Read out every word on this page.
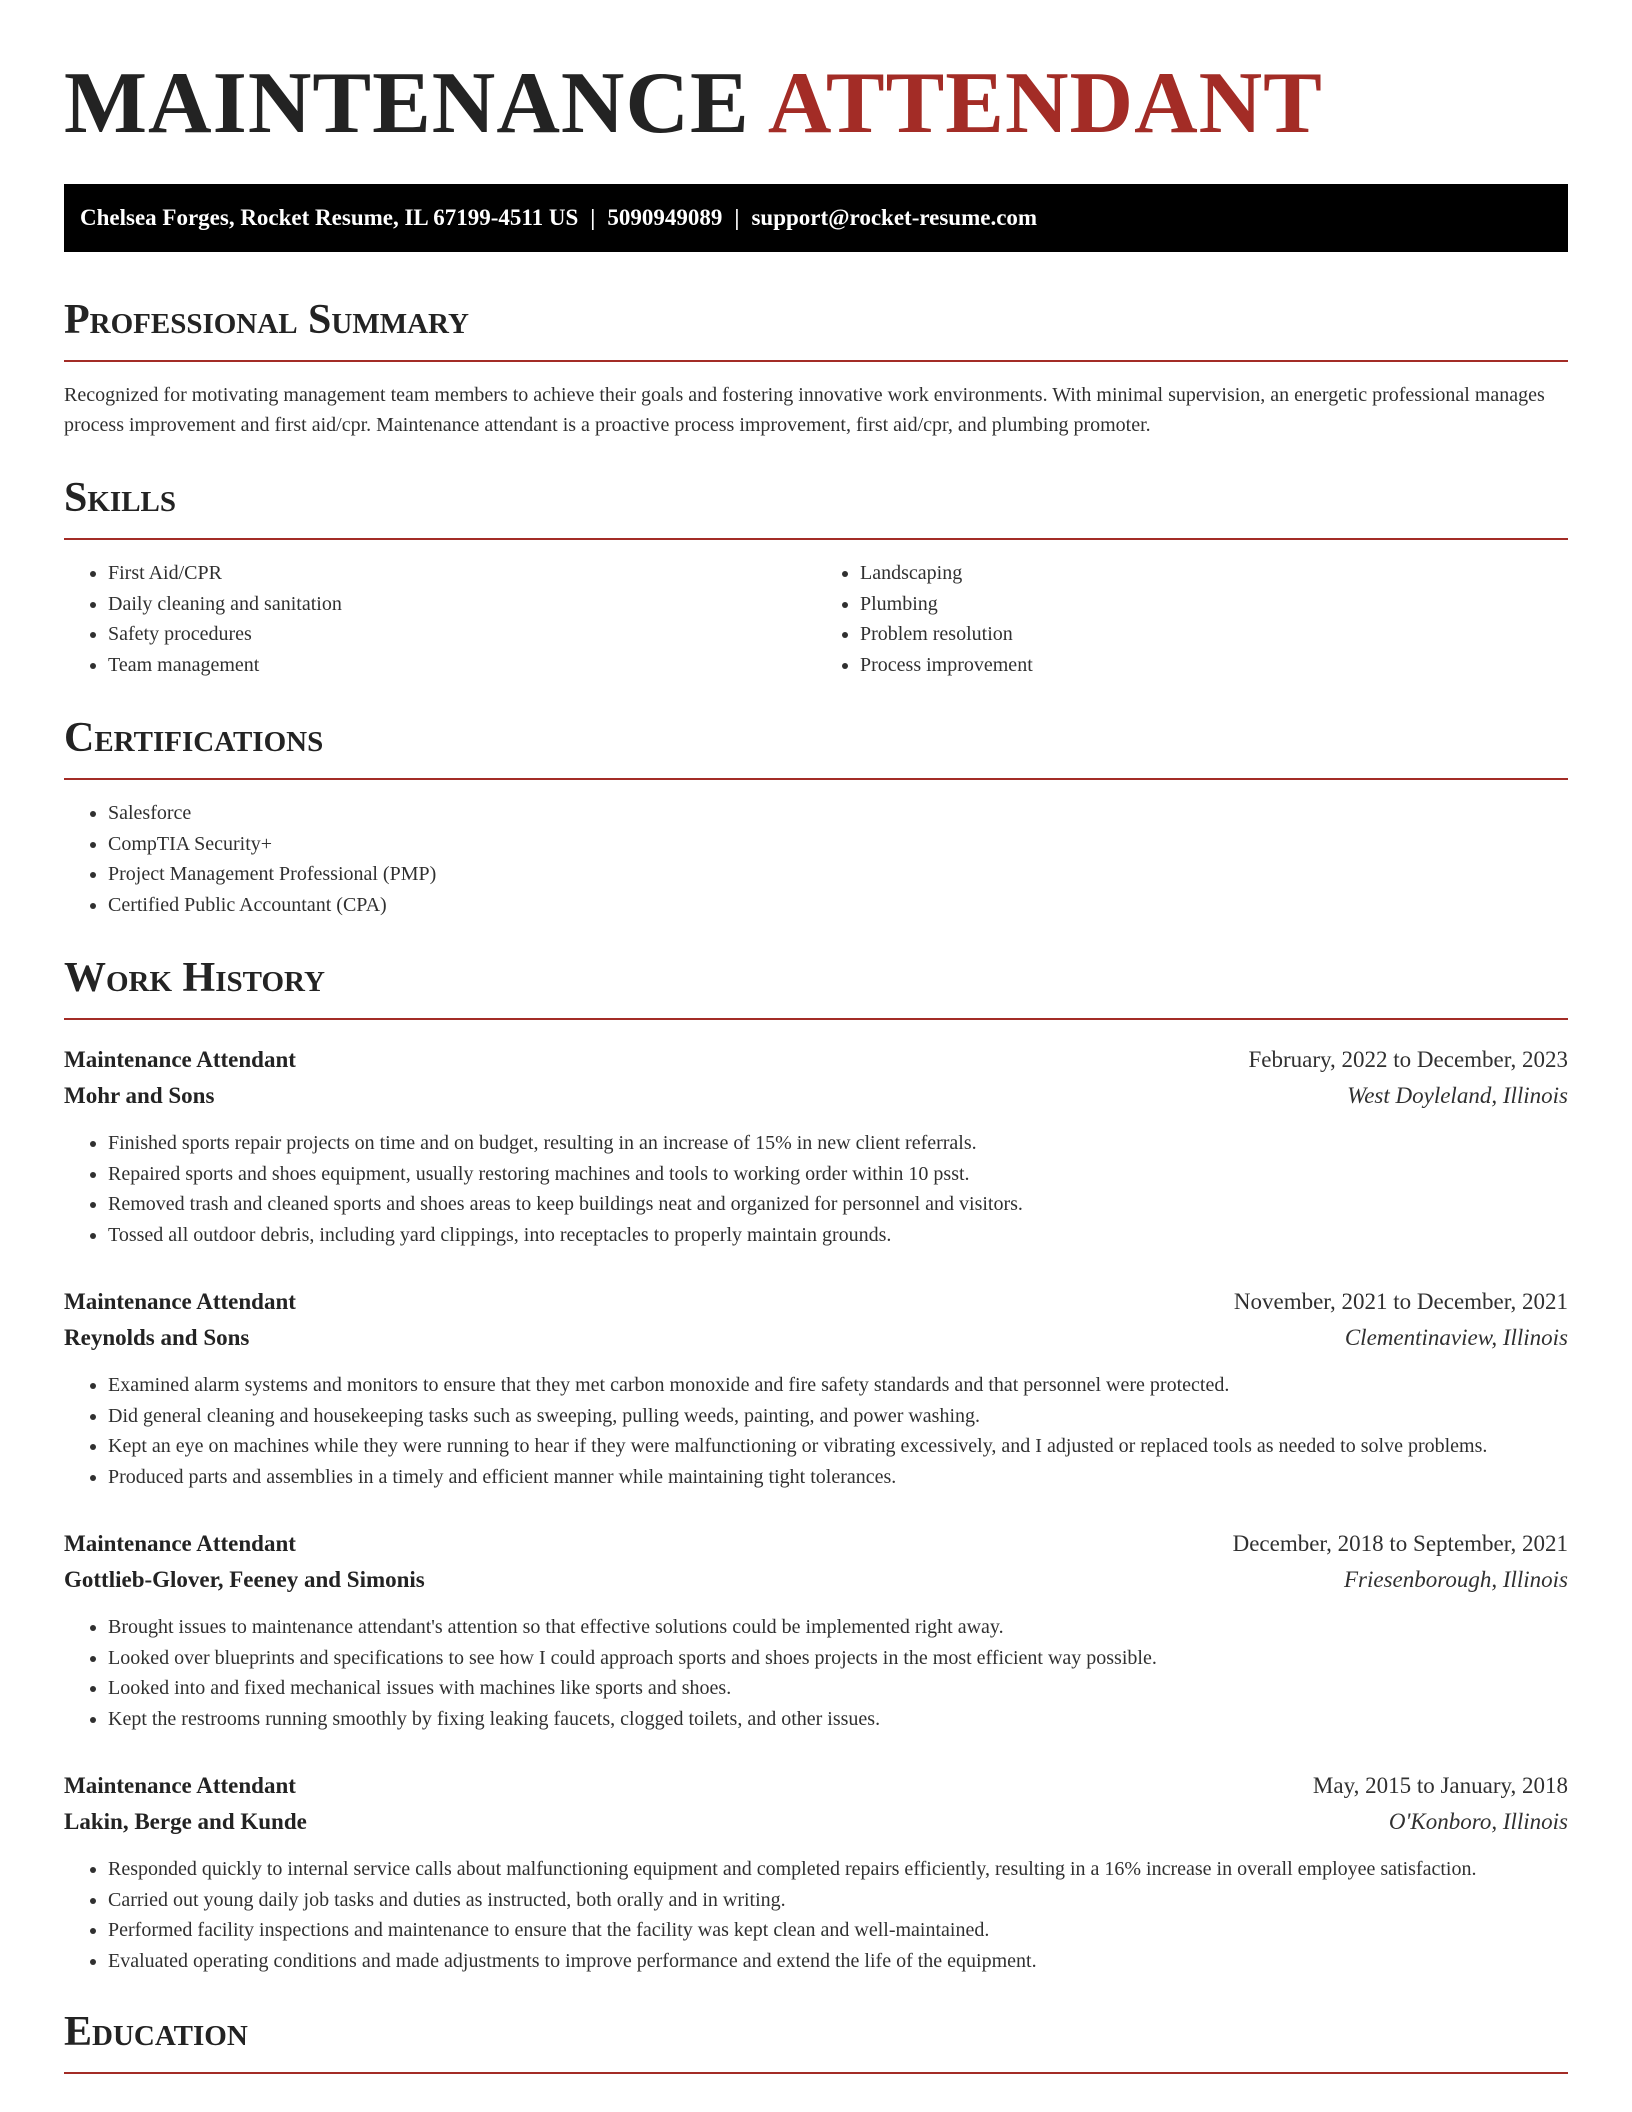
MAINTENANCE ATTENDANT
Chelsea Forges, Rocket Resume, IL 67199-4511 US | 5090949089 | support@rocket-resume.com
Professional Summary

Recognized for motivating management team members to achieve their goals and fostering innovative work environments. With minimal supervision, an energetic professional manages process improvement and first aid/cpr. Maintenance attendant is a proactive process improvement, first aid/cpr, and plumbing promoter.

Skills
• First Aid/CPR
• Daily cleaning and sanitation
• Safety procedures
• Team management
• Landscaping
• Plumbing
• Problem resolution
• Process improvement
Certifications
• Salesforce
• CompTIA Security+
• Project Management Professional (PMP)
• Certified Public Accountant (CPA)
Work History
Maintenance Attendant	February, 2022 to December, 2023
Mohr and Sons	West Doyleland, Illinois
• Finished sports repair projects on time and on budget, resulting in an increase of 15% in new client referrals.
• Repaired sports and shoes equipment, usually restoring machines and tools to working order within 10 psst.
• Removed trash and cleaned sports and shoes areas to keep buildings neat and organized for personnel and visitors.
• Tossed all outdoor debris, including yard clippings, into receptacles to properly maintain grounds.
Maintenance Attendant	November, 2021 to December, 2021
Reynolds and Sons	Clementinaview, Illinois
• Examined alarm systems and monitors to ensure that they met carbon monoxide and fire safety standards and that personnel were protected.
• Did general cleaning and housekeeping tasks such as sweeping, pulling weeds, painting, and power washing.
• Kept an eye on machines while they were running to hear if they were malfunctioning or vibrating excessively, and I adjusted or replaced tools as needed to solve problems.
• Produced parts and assemblies in a timely and efficient manner while maintaining tight tolerances.
Maintenance Attendant	December, 2018 to September, 2021
Gottlieb-Glover, Feeney and Simonis	Friesenborough, Illinois
• Brought issues to maintenance attendant's attention so that effective solutions could be implemented right away.
• Looked over blueprints and specifications to see how I could approach sports and shoes projects in the most efficient way possible.
• Looked into and fixed mechanical issues with machines like sports and shoes.
• Kept the restrooms running smoothly by fixing leaking faucets, clogged toilets, and other issues.
Maintenance Attendant	May, 2015 to January, 2018
Lakin, Berge and Kunde	O'Konboro, Illinois
• Responded quickly to internal service calls about malfunctioning equipment and completed repairs efficiently, resulting in a 16% increase in overall employee satisfaction.
• Carried out young daily job tasks and duties as instructed, both orally and in writing.
• Performed facility inspections and maintenance to ensure that the facility was kept clean and well-maintained.
• Evaluated operating conditions and made adjustments to improve performance and extend the life of the equipment.
Education
